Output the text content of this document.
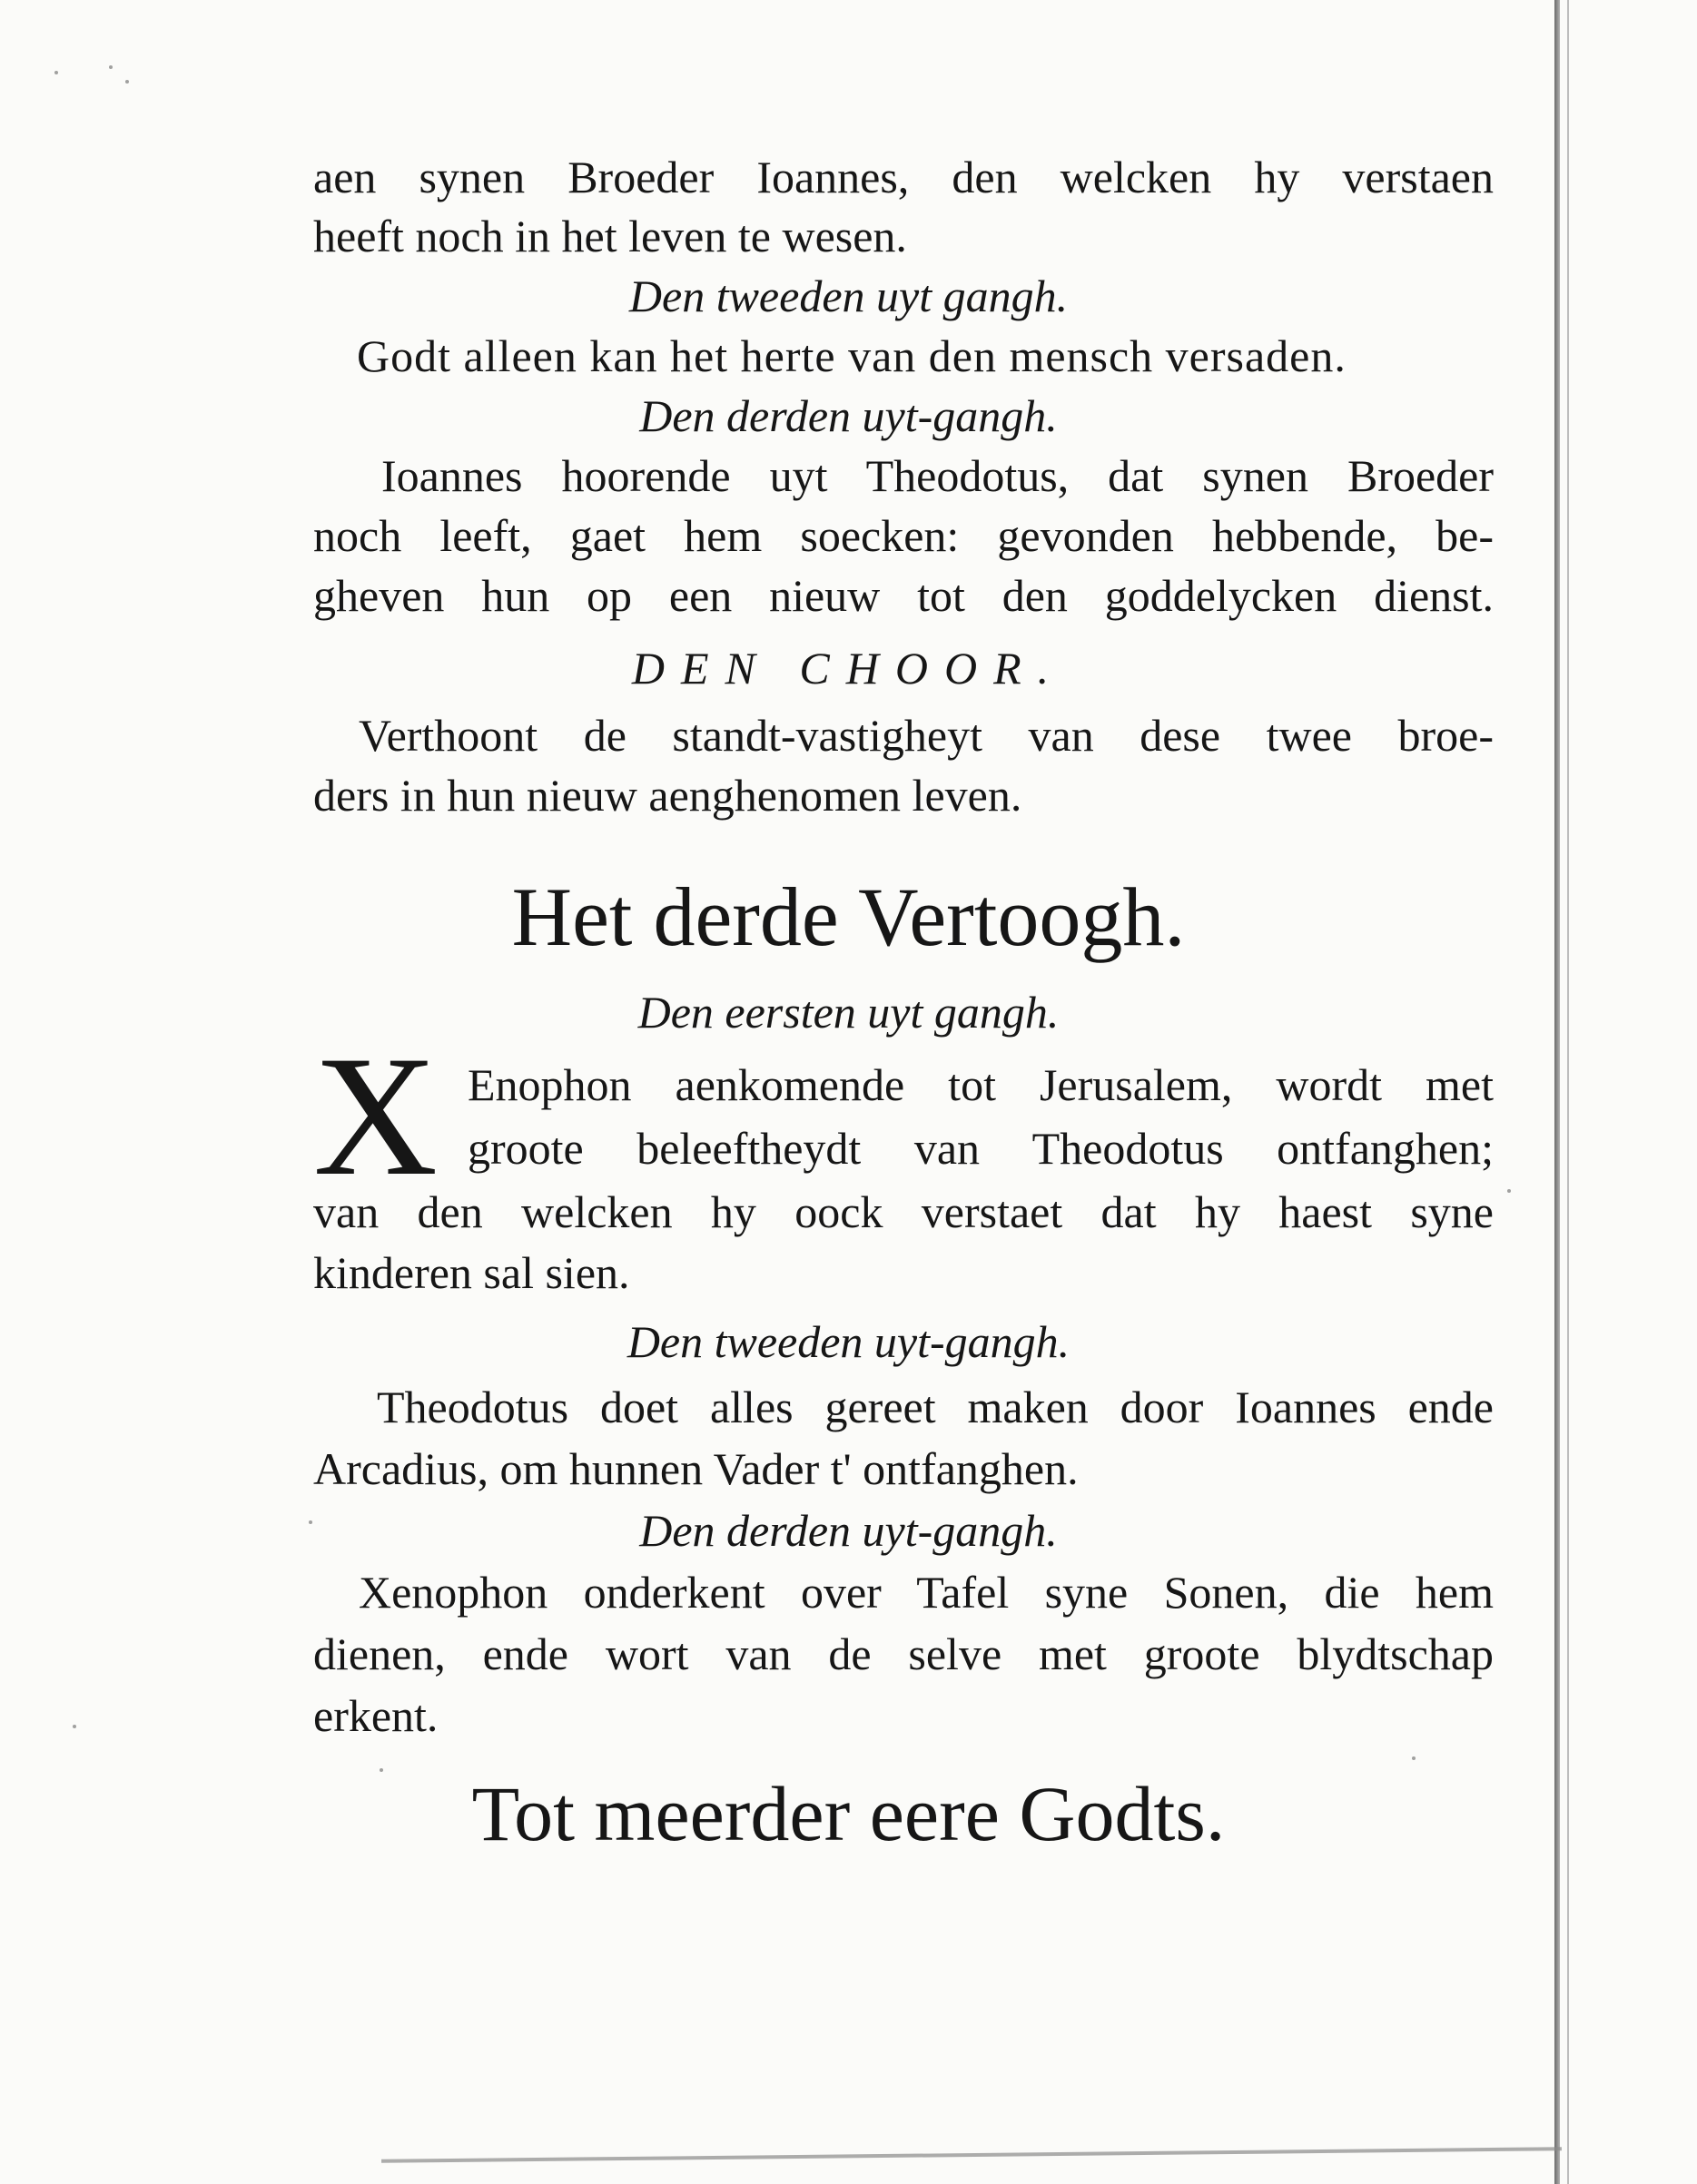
aen synen Broeder Ioannes, den welcken hy verstaen
heeft noch in het leven te wesen.
Den tweeden uyt gangh.
Godt alleen kan het herte van den mensch versaden.
Den derden uyt-gangh.
Ioannes hoorende uyt Theodotus, dat synen Broeder
noch leeft, gaet hem soecken: gevonden hebbende, be-
gheven hun op een nieuw tot den goddelycken dienst.
DEN CHOOR.
Verthoont de standt-vastigheyt van dese twee broe-
ders in hun nieuw aenghenomen leven.
Het derde Vertoogh.
Den eersten uyt gangh.
X Enophon aenkomende tot Jerusalem, wordt met
groote beleeftheydt van Theodotus ontfanghen;
van den welcken hy oock verstaet dat hy haest syne
kinderen sal sien.
Den tweeden uyt-gangh.
Theodotus doet alles gereet maken door Ioannes ende
Arcadius, om hunnen Vader t' ontfanghen.
Den derden uyt-gangh.
Xenophon onderkent over Tafel syne Sonen, die hem
dienen, ende wort van de selve met groote blydtschap
erkent.
Tot meerder eere Godts.
